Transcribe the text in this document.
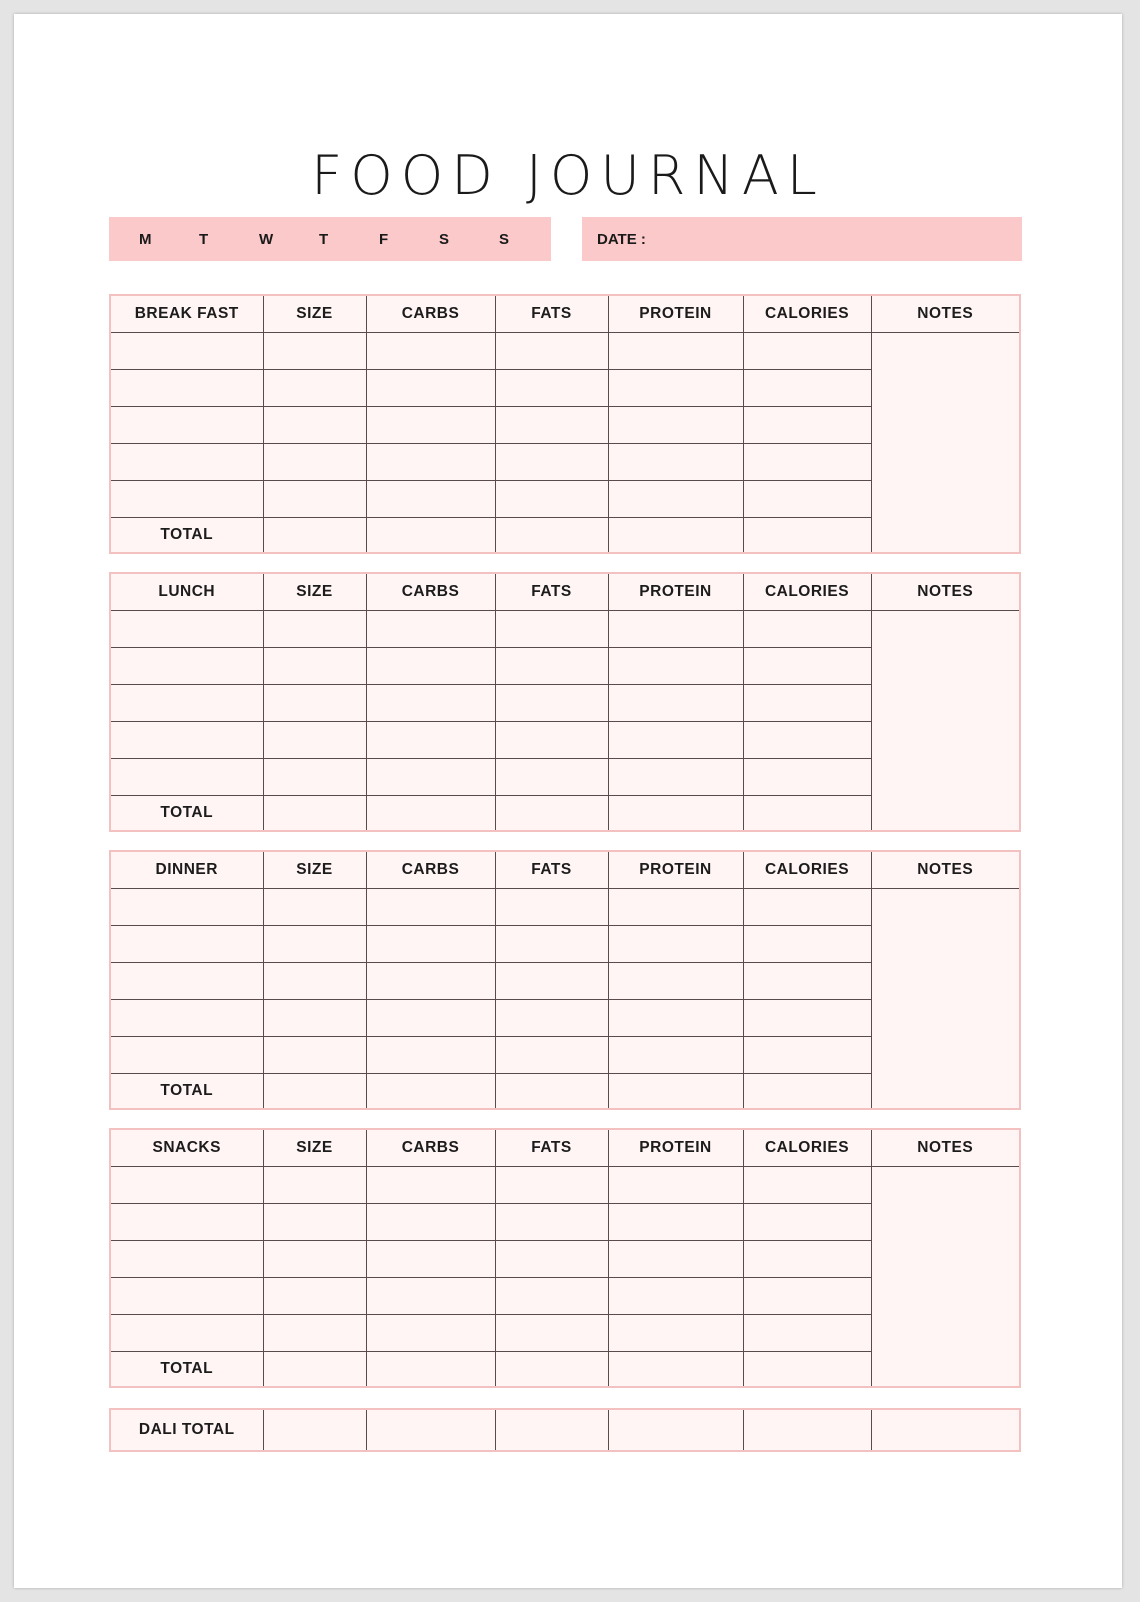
FOOD JOURNAL
M	T	W	T	F	S	S	DATE :
BREAK FAST	SIZE	CARBS	FATS	PROTEIN	CALORIES	NOTES

TOTAL						
LUNCH	SIZE	CARBS	FATS	PROTEIN	CALORIES	NOTES

TOTAL						
DINNER	SIZE	CARBS	FATS	PROTEIN	CALORIES	NOTES

TOTAL						
SNACKS	SIZE	CARBS	FATS	PROTEIN	CALORIES	NOTES

TOTAL						
DALI TOTAL						
